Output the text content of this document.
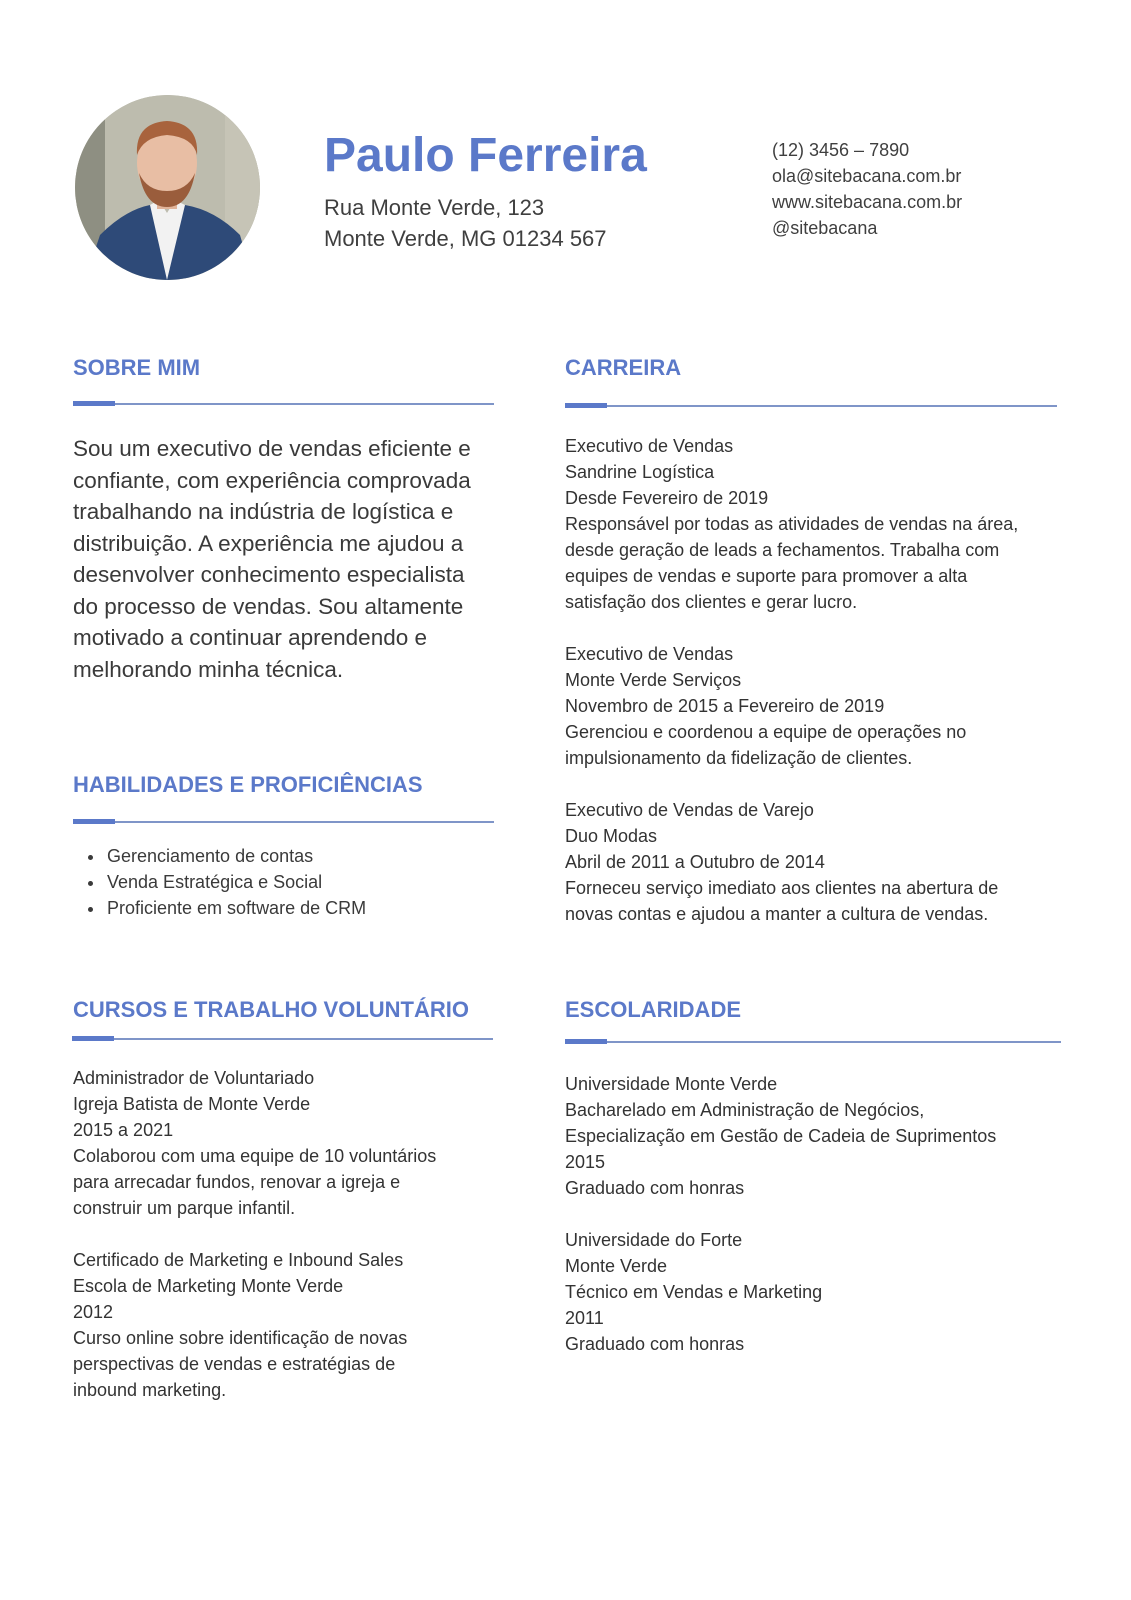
Paulo Ferreira
Rua Monte Verde, 123
Monte Verde, MG 01234 567
(12) 3456 – 7890
ola@sitebacana.com.br
www.sitebacana.com.br
@sitebacana
SOBRE MIM
Sou um executivo de vendas eficiente e
confiante, com experiência comprovada
trabalhando na indústria de logística e
distribuição. A experiência me ajudou a
desenvolver conhecimento especialista
do processo de vendas. Sou altamente
motivado a continuar aprendendo e
melhorando minha técnica.
HABILIDADES E PROFICIÊNCIAS
• Gerenciamento de contas
• Venda Estratégica e Social
• Proficiente em software de CRM
CURSOS E TRABALHO VOLUNTÁRIO
Administrador de Voluntariado
Igreja Batista de Monte Verde
2015 a 2021
Colaborou com uma equipe de 10 voluntários
para arrecadar fundos, renovar a igreja e
construir um parque infantil.
Certificado de Marketing e Inbound Sales
Escola de Marketing Monte Verde
2012
Curso online sobre identificação de novas
perspectivas de vendas e estratégias de
inbound marketing.
CARREIRA
Executivo de Vendas
Sandrine Logística
Desde Fevereiro de 2019
Responsável por todas as atividades de vendas na área,
desde geração de leads a fechamentos. Trabalha com
equipes de vendas e suporte para promover a alta
satisfação dos clientes e gerar lucro.
Executivo de Vendas
Monte Verde Serviços
Novembro de 2015 a Fevereiro de 2019
Gerenciou e coordenou a equipe de operações no
impulsionamento da fidelização de clientes.
Executivo de Vendas de Varejo
Duo Modas
Abril de 2011 a Outubro de 2014
Forneceu serviço imediato aos clientes na abertura de
novas contas e ajudou a manter a cultura de vendas.
ESCOLARIDADE
Universidade Monte Verde
Bacharelado em Administração de Negócios,
Especialização em Gestão de Cadeia de Suprimentos
2015
Graduado com honras
Universidade do Forte
Monte Verde
Técnico em Vendas e Marketing
2011
Graduado com honras
